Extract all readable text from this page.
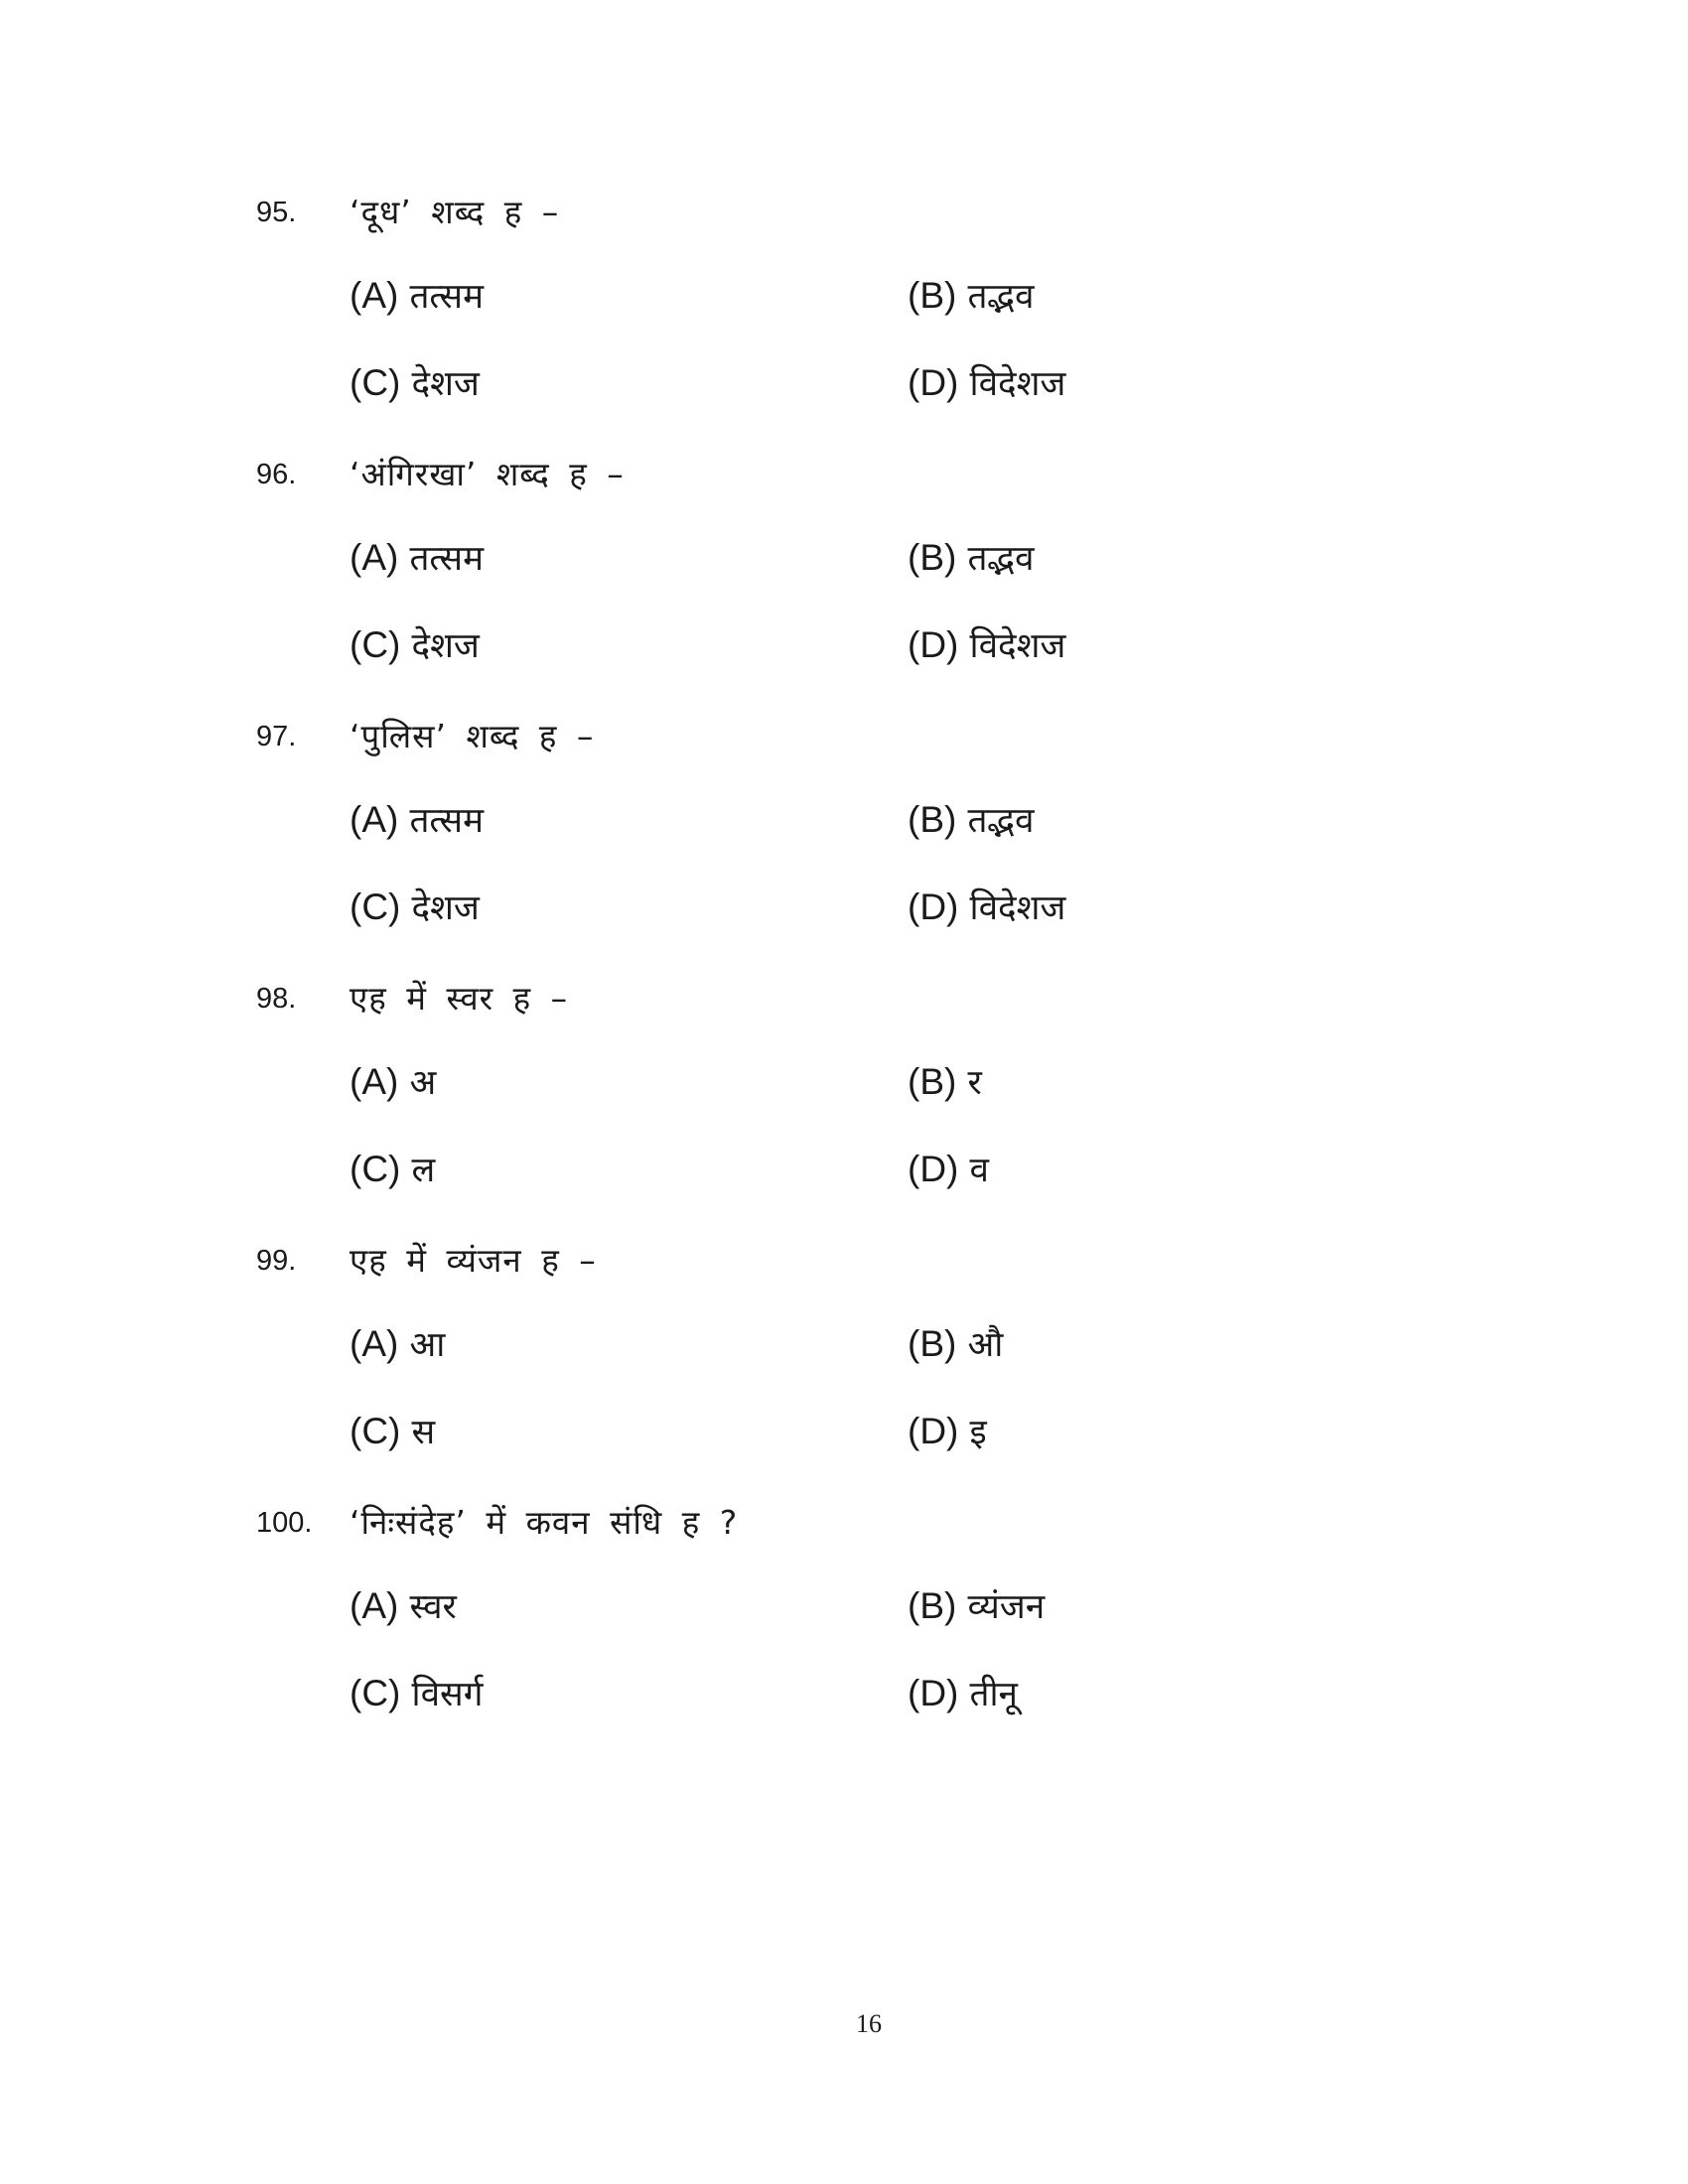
95. ‘दूध’ शब्द ह –
(A) तत्सम	(B) तद्भव
(C) देशज	(D) विदेशज
96. ‘अंगिरखा’ शब्द ह –
(A) तत्सम	(B) तद्भव
(C) देशज	(D) विदेशज
97. ‘पुलिस’ शब्द ह –
(A) तत्सम	(B) तद्भव
(C) देशज	(D) विदेशज
98. एह में स्वर ह –
(A) अ	(B) र
(C) ल	(D) व
99. एह में व्यंजन ह –
(A) आ	(B) औ
(C) स	(D) इ
100. ‘निःसंदेह’ में कवन संधि ह ?
(A) स्वर	(B) व्यंजन
(C) विसर्ग	(D) तीनू
16
